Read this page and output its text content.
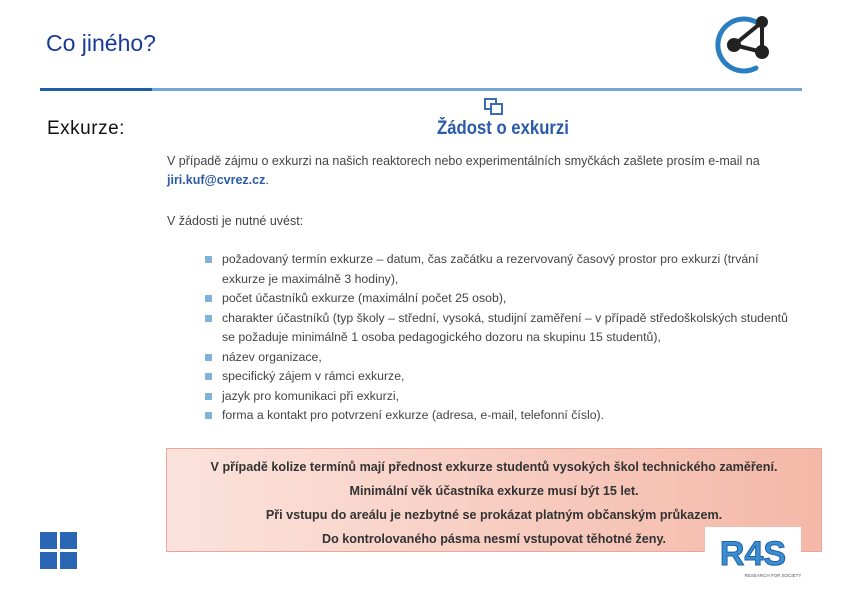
Co jiného?
Exkurze:	Žádost o exkurzi
V případě zájmu o exkurzi na našich reaktorech nebo experimentálních smyčkách zašlete prosím e-mail na jiri.kuf@cvrez.cz.
V žádosti je nutné uvést:
požadovaný termín exkurze – datum, čas začátku a rezervovaný časový prostor pro exkurzi (trvání exkurze je maximálně 3 hodiny),
počet účastníků exkurze (maximální počet 25 osob),
charakter účastníků (typ školy – střední, vysoká, studijní zaměření – v případě středoškolských studentů se požaduje minimálně 1 osoba pedagogického dozoru na skupinu 15 studentů),
název organizace,
specifický zájem v rámci exkurze,
jazyk pro komunikaci při exkurzi,
forma a kontakt pro potvrzení exkurze (adresa, e-mail, telefonní číslo).
V případě kolize termínů mají přednost exkurze studentů vysokých škol technického zaměření.
Minimální věk účastníka exkurze musí být 15 let.
Při vstupu do areálu je nezbytné se prokázat platným občanským průkazem.
Do kontrolovaného pásma nesmí vstupovat těhotné ženy.	R4S
RESEARCH FOR SOCIETY
